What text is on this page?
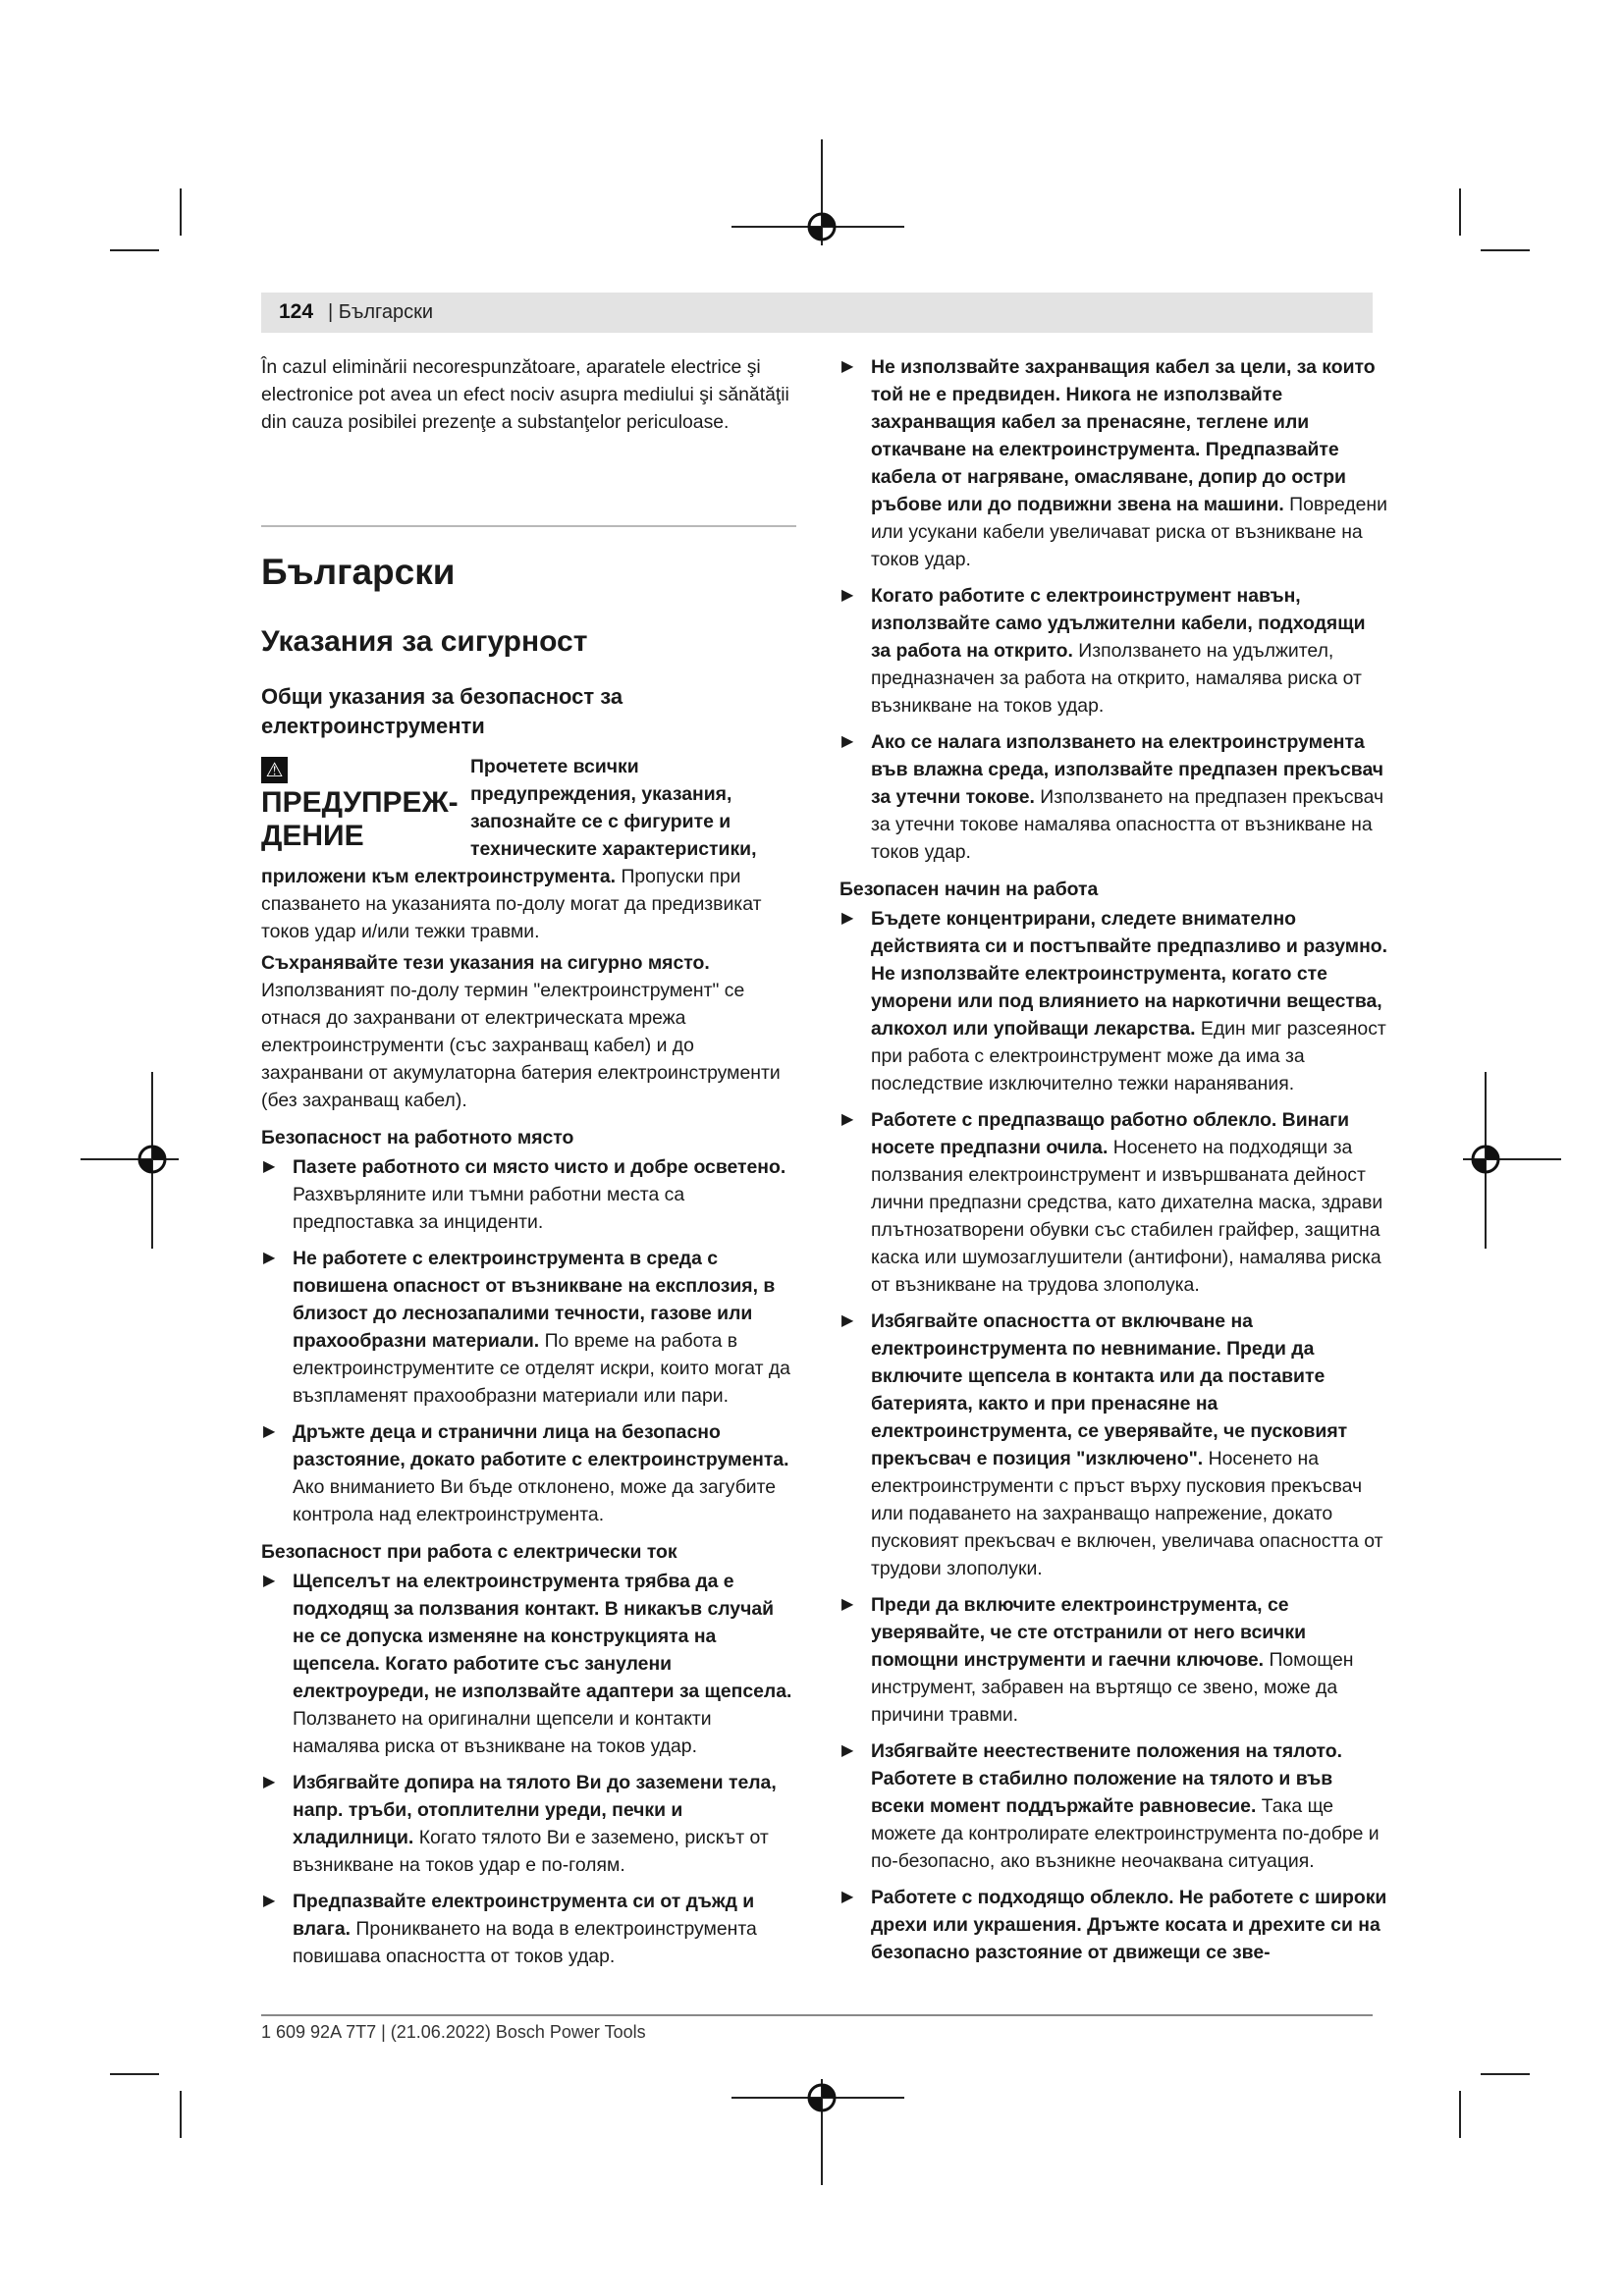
124 | Български

În cazul eliminării necorespunzătoare, aparatele electrice şi electronice pot avea un efect nociv asupra mediului şi sănătăţii din cauza posibilei prezenţe a substanţelor periculoase.

Български
Указания за сигурност
Общи указания за безопасност за електроинструменти
⚠ПРЕДУПРЕЖ-ДЕНИЕ

Прочетете всички предупреждения, указания, запознайте се с фигурите и техническите характеристики, приложени към електроинструмента. Пропуски при спазването на указанията по-долу могат да предизвикат токов удар и/или тежки травми.

Съхранявайте тези указания на сигурно място.

Използваният по-долу термин "електроинструмент" се отнася до захранвани от електрическата мрежа електроинструменти (със захранващ кабел) и до захранвани от акумулаторна батерия електроинструменти (без захранващ кабел).

Безопасност на работното място
▶ Пазете работното си място чисто и добре осветено. Разхвърляните или тъмни работни места са предпоставка за инциденти.
▶ Не работете с електроинструмента в среда с повишена опасност от възникване на експлозия, в близост до леснозапалими течности, газове или прахообразни материали. По време на работа в електроинструментите се отделят искри, които могат да възпламенят прахообразни материали или пари.
▶ Дръжте деца и странични лица на безопасно разстояние, докато работите с електроинструмента. Ако вниманието Ви бъде отклонено, може да загубите контрола над електроинструмента.
Безопасност при работа с електрически ток
▶ Щепселът на електроинструмента трябва да е подходящ за ползвания контакт. В никакъв случай не се допуска изменяне на конструкцията на щепсела. Когато работите със занулени електроуреди, не използвайте адаптери за щепсела. Ползването на оригинални щепсели и контакти намалява риска от възникване на токов удар.
▶ Избягвайте допира на тялото Ви до заземени тела, напр. тръби, отоплителни уреди, печки и хладилници. Когато тялото Ви е заземено, рискът от възникване на токов удар е по-голям.
▶ Предпазвайте електроинструмента си от дъжд и влага. Проникването на вода в електроинструмента повишава опасността от токов удар.
▶ Не използвайте захранващия кабел за цели, за които той не е предвиден. Никога не използвайте захранващия кабел за пренасяне, теглене или откачване на електроинструмента. Предпазвайте кабела от нагряване, омасляване, допир до остри ръбове или до подвижни звена на машини. Повредени или усукани кабели увеличават риска от възникване на токов удар.
▶ Когато работите с електроинструмент навън, използвайте само удължителни кабели, подходящи за работа на открито. Използването на удължител, предназначен за работа на открито, намалява риска от възникване на токов удар.
▶ Ако се налага използването на електроинструмента във влажна среда, използвайте предпазен прекъсвач за утечни токове. Използването на предпазен прекъсвач за утечни токове намалява опасността от възникване на токов удар.
Безопасен начин на работа
▶ Бъдете концентрирани, следете внимателно действията си и постъпвайте предпазливо и разумно. Не използвайте електроинструмента, когато сте уморени или под влиянието на наркотични вещества, алкохол или упойващи лекарства. Един миг разсеяност при работа с електроинструмент може да има за последствие изключително тежки наранявания.
▶ Работете с предпазващо работно облекло. Винаги носете предпазни очила. Носенето на подходящи за ползвания електроинструмент и извършваната дейност лични предпазни средства, като дихателна маска, здрави плътнозатворени обувки със стабилен грайфер, защитна каска или шумозаглушители (антифони), намалява риска от възникване на трудова злополука.
▶ Избягвайте опасността от включване на електроинструмента по невнимание. Преди да включите щепсела в контакта или да поставите батерията, както и при пренасяне на електроинструмента, се уверявайте, че пусковият прекъсвач е позиция "изключено". Носенето на електроинструменти с пръст върху пусковия прекъсвач или подаването на захранващо напрежение, докато пусковият прекъсвач е включен, увеличава опасността от трудови злополуки.
▶ Преди да включите електроинструмента, се уверявайте, че сте отстранили от него всички помощни инструменти и гаечни ключове. Помощен инструмент, забравен на въртящо се звено, може да причини травми.
▶ Избягвайте неестествените положения на тялото. Работете в стабилно положение на тялото и във всеки момент поддържайте равновесие. Така ще можете да контролирате електроинструмента по-добре и по-безопасно, ако възникне неочаквана ситуация.
▶ Работете с подходящо облекло. Не работете с широки дрехи или украшения. Дръжте косата и дрехите си на безопасно разстояние от движещи се зве-
1 609 92A 7T7 | (21.06.2022) Bosch Power Tools
